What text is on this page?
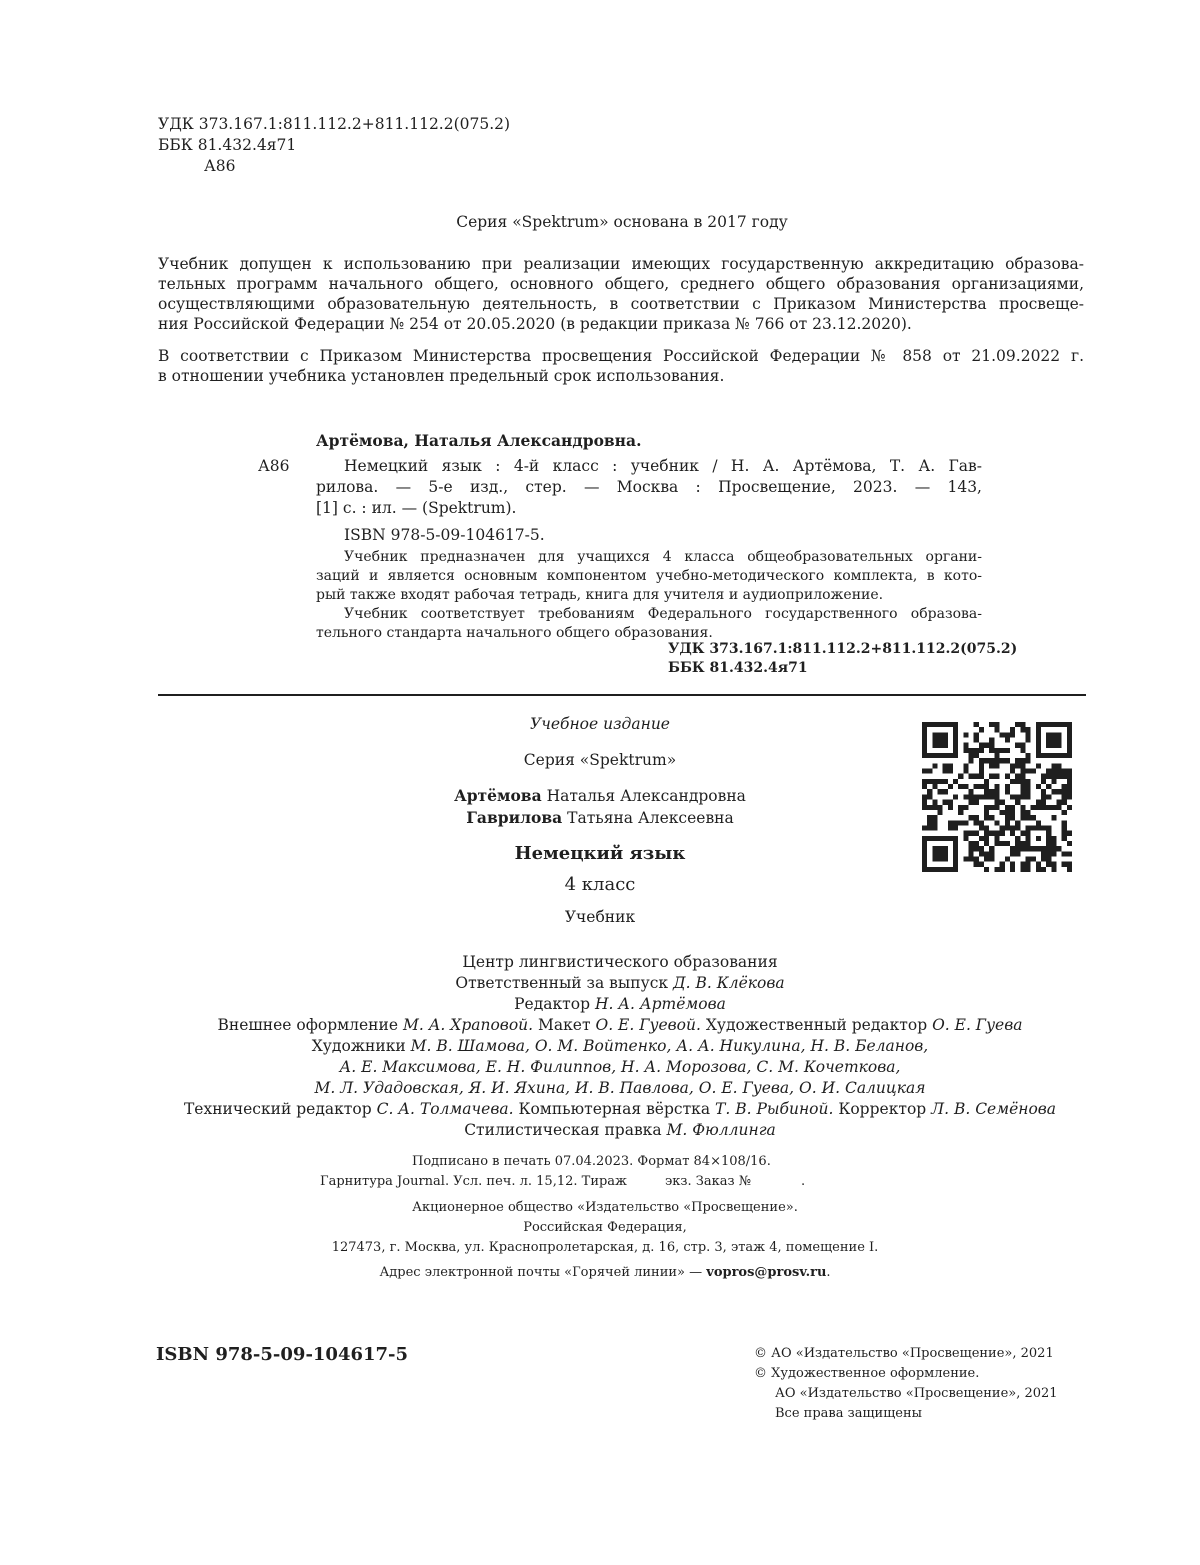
УДК 373.167.1:811.112.2+811.112.2(075.2)
ББК 81.432.4я71
А86
Серия «Spektrum» основана в 2017 году
Учебник допущен к использованию при реализации имеющих государственную аккредитацию образова-
тельных программ начального общего, основного общего, среднего общего образования организациями,
осуществляющими образовательную деятельность, в соответствии с Приказом Министерства просвеще-
ния Российской Федерации № 254 от 20.05.2020 (в редакции приказа № 766 от 23.12.2020).
В соответствии с Приказом Министерства просвещения Российской Федерации № 858 от 21.09.2022 г.
в отношении учебника установлен предельный срок использования.
Артёмова, Наталья Александровна.
А86	Немецкий язык : 4-й класс : учебник / Н. А. Артёмова, Т. А. Гав-
рилова. — 5-е изд., стер. — Москва : Просвещение, 2023. — 143,
[1] с. : ил. — (Spektrum).
ISBN 978-5-09-104617-5.
Учебник предназначен для учащихся 4 класса общеобразовательных органи-
заций и является основным компонентом учебно-методического комплекта, в кото-
рый также входят рабочая тетрадь, книга для учителя и аудиоприложение.
Учебник соответствует требованиям Федерального государственного образова-
тельного стандарта начального общего образования.
УДК 373.167.1:811.112.2+811.112.2(075.2)
ББК 81.432.4я71
Учебное издание
Серия «Spektrum»
Артёмова Наталья Александровна
Гаврилова Татьяна Алексеевна
Немецкий язык
4 класс
Учебник
Центр лингвистического образования
Ответственный за выпуск Д. В. Клёкова
Редактор Н. А. Артёмова
Внешнее оформление М. А. Храповой. Макет О. Е. Гуевой. Художественный редактор О. Е. Гуева
Художники М. В. Шамова, О. М. Войтенко, А. А. Никулина, Н. В. Беланов,
А. Е. Максимова, Е. Н. Филиппов, Н. А. Морозова, С. М. Кочеткова,
М. Л. Удадовская, Я. И. Яхина, И. В. Павлова, О. Е. Гуева, О. И. Салицкая
Технический редактор С. А. Толмачева. Компьютерная вёрстка Т. В. Рыбиной. Корректор Л. В. Семёнова
Стилистическая правка М. Фюллинга
Подписано в печать 07.04.2023. Формат 84×108/16.
Гарнитура Journal. Усл. печ. л. 15,12. Тираж	экз. Заказ №	.
Акционерное общество «Издательство «Просвещение».
Российская Федерация,
127473, г. Москва, ул. Краснопролетарская, д. 16, стр. 3, этаж 4, помещение I.
Адрес электронной почты «Горячей линии» — vopros@prosv.ru.
ISBN 978-5-09-104617-5	© АО «Издательство «Просвещение», 2021
© Художественное оформление.
АО «Издательство «Просвещение», 2021
Все права защищены
